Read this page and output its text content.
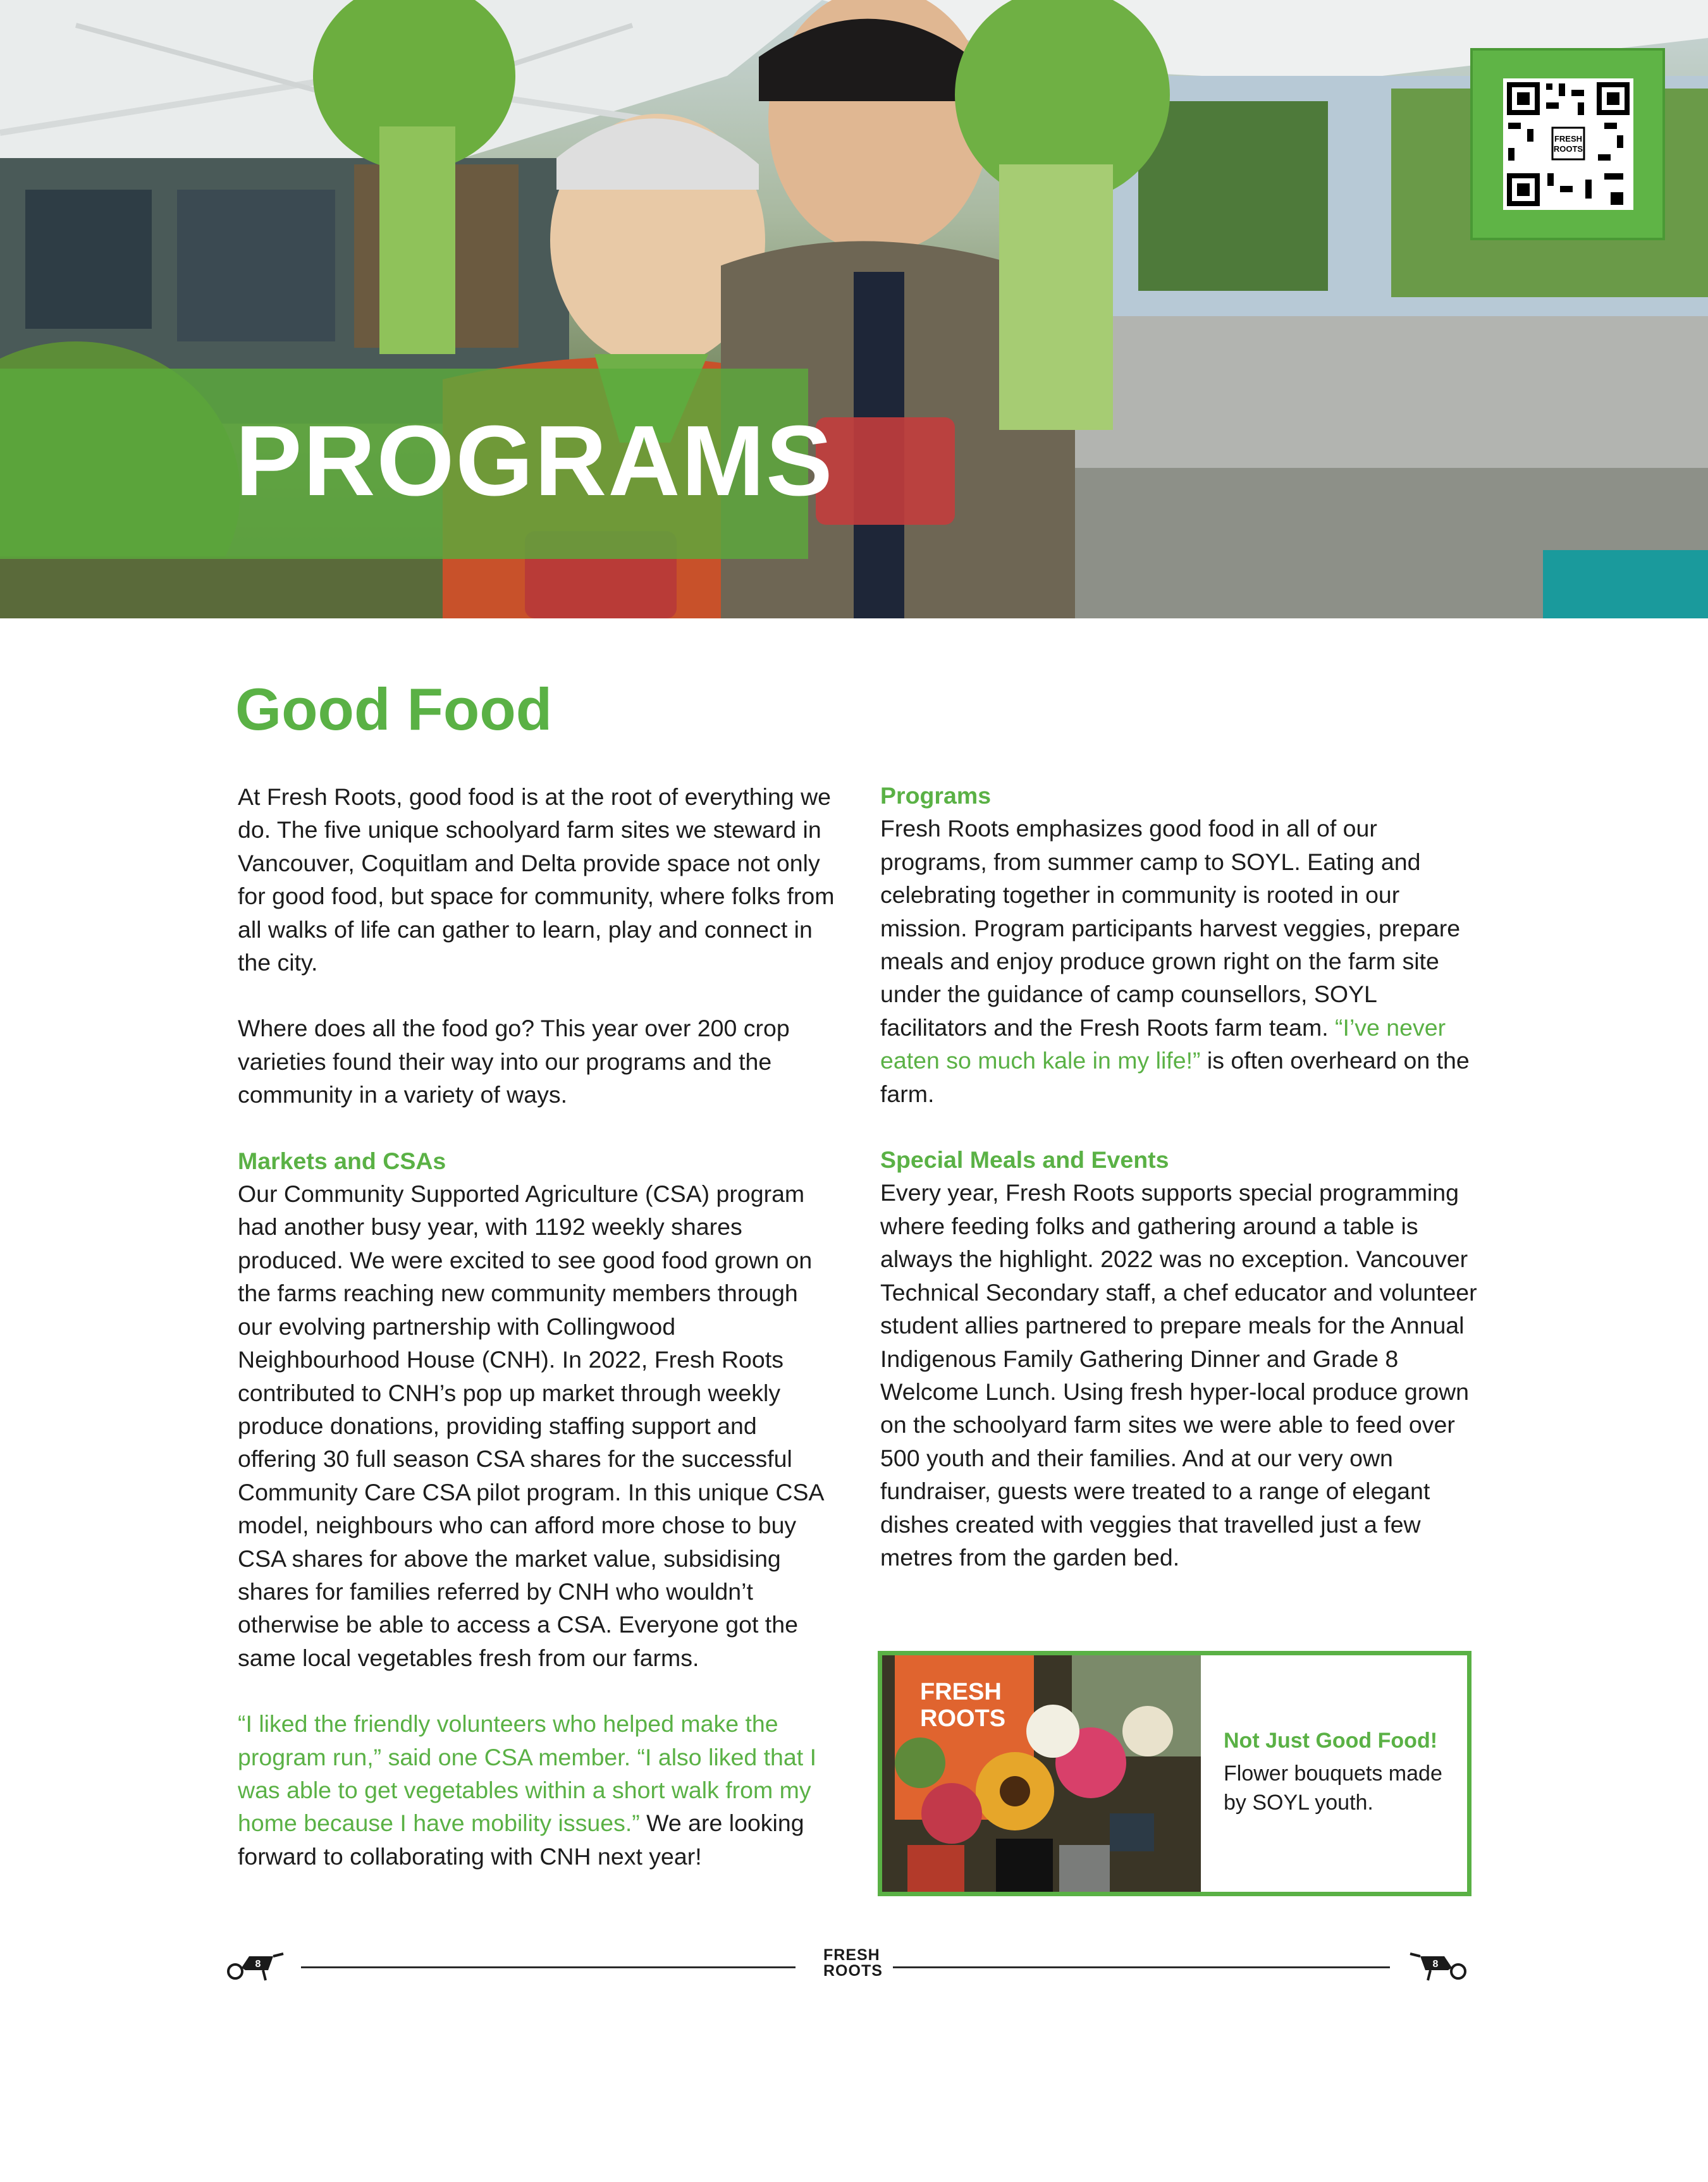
PROGRAMS
FRESH
ROOTS
Good Food

At Fresh Roots, good food is at the root of everything we do. The five unique schoolyard farm sites we steward in Vancouver, Coquitlam and Delta provide space not only for good food, but space for community, where folks from all walks of life can gather to learn, play and connect in the city.

Where does all the food go? This year over 200 crop varieties found their way into our programs and the community in a variety of ways.

Markets and CSAs

Our Community Supported Agriculture (CSA) program had another busy year, with 1192 weekly shares produced. We were excited to see good food grown on the farms reaching new community members through our evolving partnership with Collingwood Neighbourhood House (CNH). In 2022, Fresh Roots contributed to CNH’s pop up market through weekly produce donations, providing staffing support and offering 30 full season CSA shares for the successful Community Care CSA pilot program. In this unique CSA model, neighbours who can afford more chose to buy CSA shares for above the market value, subsidising shares for families referred by CNH who wouldn’t otherwise be able to access a CSA. Everyone got the same local vegetables fresh from our farms.

“I liked the friendly volunteers who helped make the program run,” said one CSA member. “I also liked that I was able to get vegetables within a short walk from my home because I have mobility issues.” We are looking forward to collaborating with CNH next year!

Programs

Fresh Roots emphasizes good food in all of our programs, from summer camp to SOYL. Eating and celebrating together in community is rooted in our mission. Program participants harvest veggies, prepare meals and enjoy produce grown right on the farm site under the guidance of camp counsellors, SOYL facilitators and the Fresh Roots farm team. “I’ve never eaten so much kale in my life!” is often overheard on the farm.

Special Meals and Events

Every year, Fresh Roots supports special programming where feeding folks and gathering around a table is always the highlight. 2022 was no exception. Vancouver Technical Secondary staff, a chef educator and volunteer student allies partnered to prepare meals for the Annual Indigenous Family Gathering Dinner and Grade 8 Welcome Lunch. Using fresh hyper-local produce grown on the schoolyard farm sites we were able to feed over 500 youth and their families. And at our very own fundraiser, guests were treated to a range of elegant dishes created with veggies that travelled just a few metres from the garden bed.

FRESH
ROOTS

Not Just Good Food!

Flower bouquets made by SOYL youth.

8
FRESH
ROOTS	8
